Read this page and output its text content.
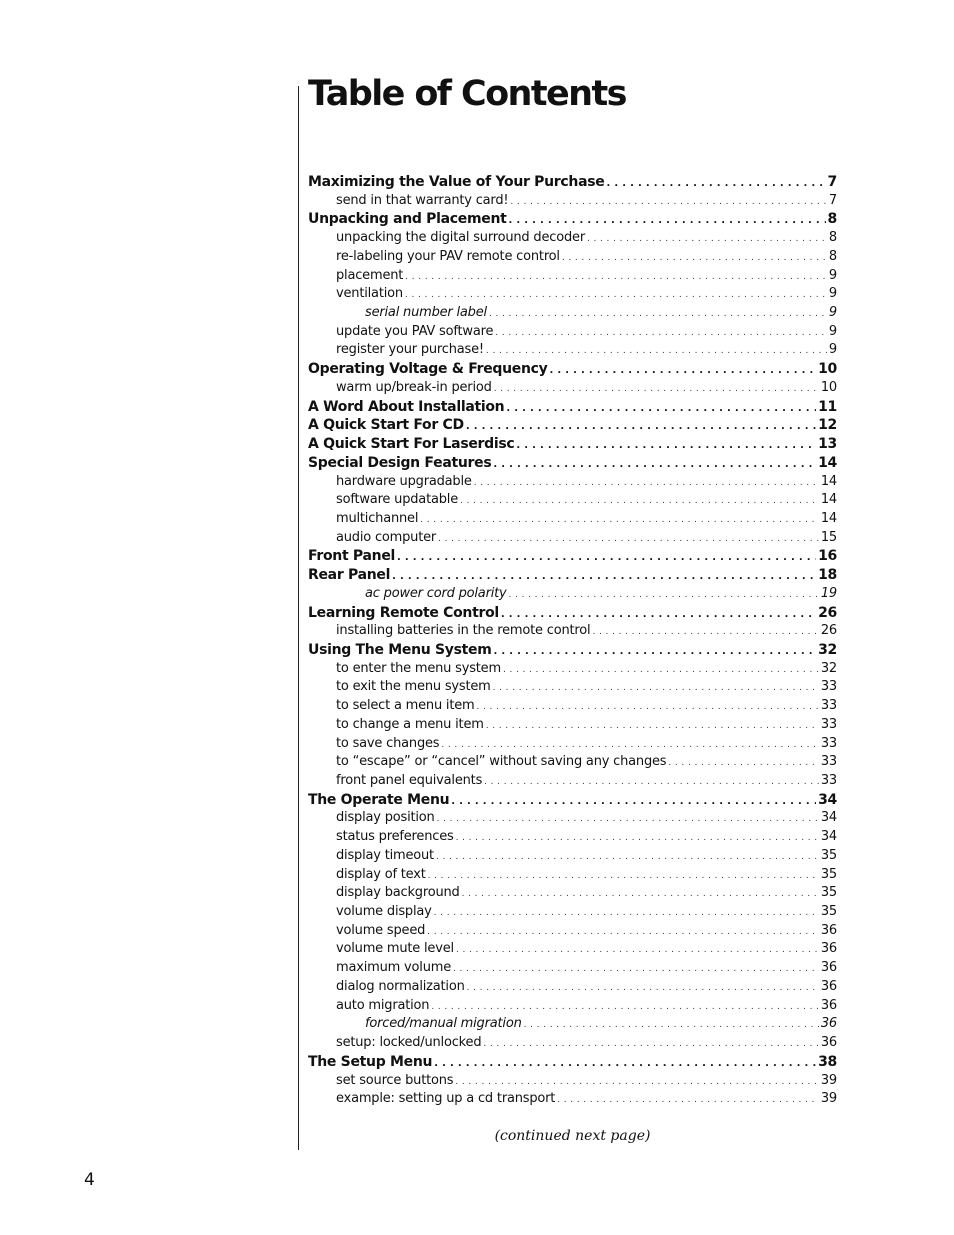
Table of Contents
Maximizing the Value of Your Purchase . . .	7
send in that warranty card! . . .	7
Unpacking and Placement . . .	8
unpacking the digital surround decoder . . .	8
re-labeling your PAV remote control . . .	8
placement . . .	9
ventilation . . .	9
serial number label . . .	9
update you PAV software . . .	9
register your purchase! . . .	9
Operating Voltage & Frequency . . .	10
warm up/break-in period . . .	10
A Word About Installation . . .	11
A Quick Start For CD . . .	12
A Quick Start For Laserdisc . . .	13
Special Design Features . . .	14
hardware upgradable . . .	14
software updatable . . .	14
multichannel . . .	14
audio computer . . .	15
Front Panel . . .	16
Rear Panel . . .	18
ac power cord polarity . . .	19
Learning Remote Control . . .	26
installing batteries in the remote control . . .	26
Using The Menu System . . .	32
to enter the menu system . . .	32
to exit the menu system . . .	33
to select a menu item . . .	33
to change a menu item . . .	33
to save changes . . .	33
to “escape” or “cancel” without saving any changes . . .	33
front panel equivalents . . .	33
The Operate Menu . . .	34
display position . . .	34
status preferences . . .	34
display timeout . . .	35
display of text . . .	35
display background . . .	35
volume display . . .	35
volume speed . . .	36
volume mute level . . .	36
maximum volume . . .	36
dialog normalization . . .	36
auto migration . . .	36
forced/manual migration . . .	36
setup: locked/unlocked . . .	36
The Setup Menu . . .	38
set source buttons . . .	39
example: setting up a cd transport . . .	39
(continued next page)
4
